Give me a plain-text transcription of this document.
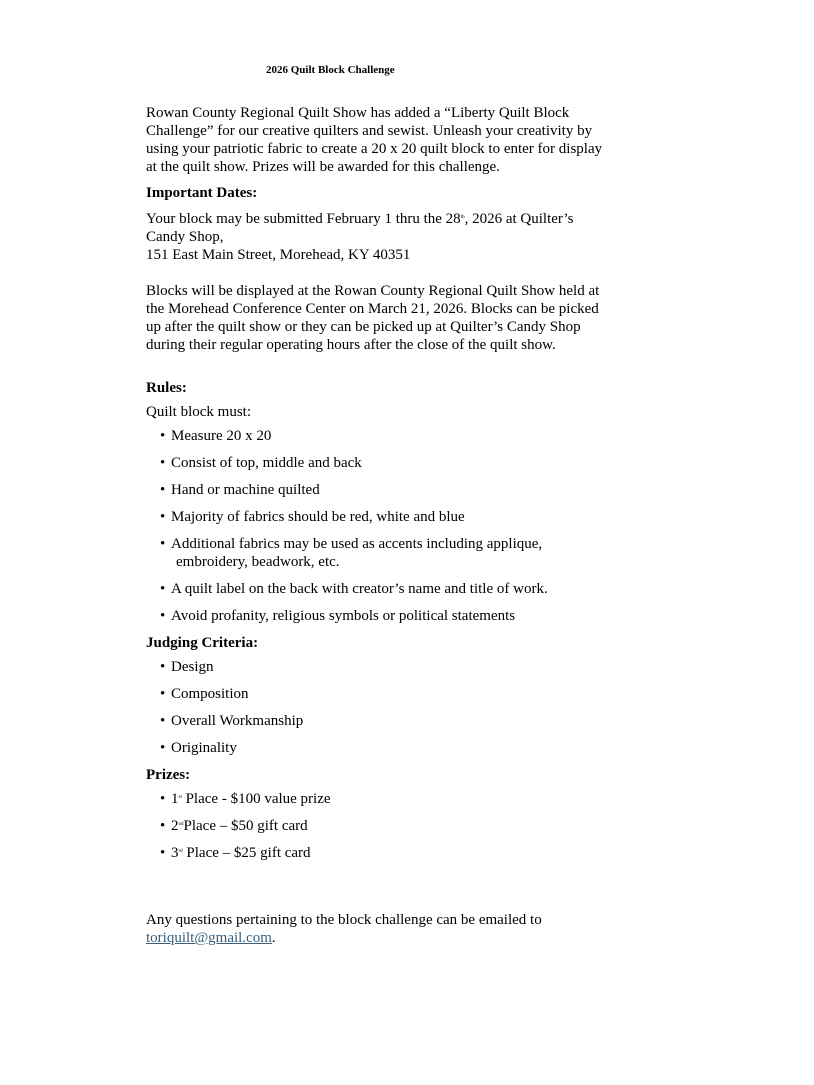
2026 Quilt Block Challenge

Rowan County Regional Quilt Show has added a “Liberty Quilt Block Challenge” for our creative quilters and sewist. Unleash your creativity by using your patriotic fabric to create a 20 x 20 quilt block to enter for display at the quilt show. Prizes will be awarded for this challenge.

Important Dates:

Your block may be submitted February 1 thru the 28th, 2026 at Quilter’s Candy Shop,

151 East Main Street, Morehead, KY 40351

Blocks will be displayed at the Rowan County Regional Quilt Show held at the Morehead Conference Center on March 21, 2026. Blocks can be picked up after the quilt show or they can be picked up at Quilter’s Candy Shop during their regular operating hours after the close of the quilt show.

Rules:

Quilt block must:

• Measure 20 x 20
• Consist of top, middle and back
• Hand or machine quilted
• Majority of fabrics should be red, white and blue
• Additional fabrics may be used as accents including applique,
embroidery, beadwork, etc.
• A quilt label on the back with creator’s name and title of work.
• Avoid profanity, religious symbols or political statements

Judging Criteria:

• Design
• Composition
• Overall Workmanship
• Originality

Prizes:

• 1st Place - $100 value prize
• 2ndPlace – $50 gift card
• 3rd Place – $25 gift card
Any questions pertaining to the block challenge can be emailed to
toriquilt@gmail.com.
